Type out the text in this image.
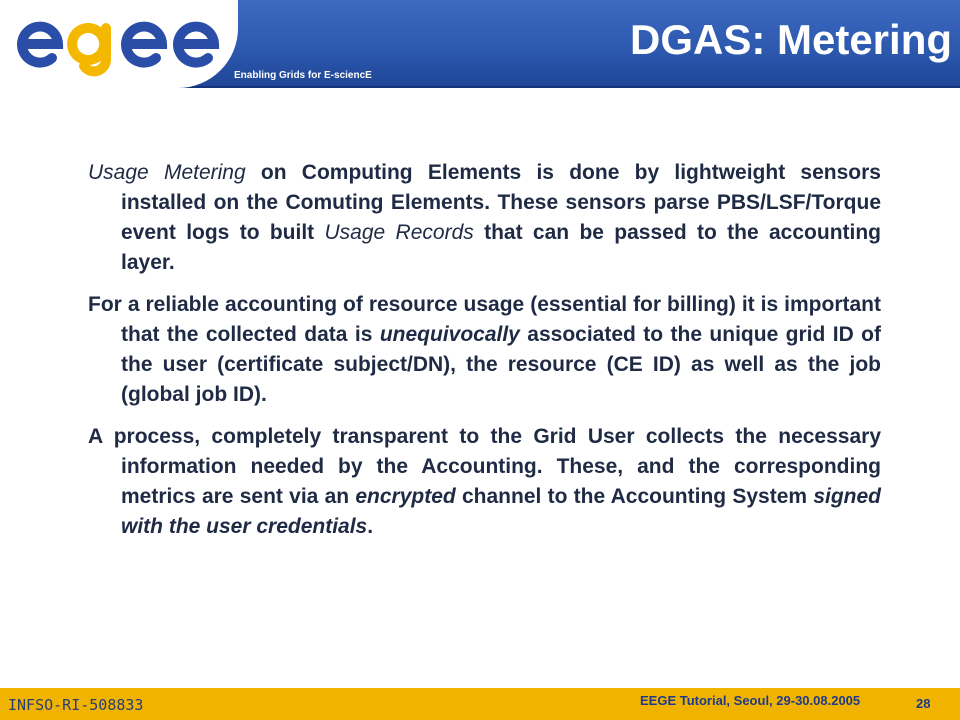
Enabling Grids for E-sciencE
DGAS: Metering

Usage Metering on Computing Elements is done by lightweight sensors installed on the Comuting Elements. These sensors parse PBS/LSF/Torque event logs to built Usage Records that can be passed to the accounting layer.

For a reliable accounting of resource usage (essential for billing) it is important that the collected data is unequivocally associated to the unique grid ID of the user (certificate subject/DN), the resource (CE ID) as well as the job (global job ID).

A process, completely transparent to the Grid User collects the necessary information needed by the Accounting. These, and the corresponding metrics are sent via an encrypted channel to the Accounting System signed with the user credentials.

INFSO-RI-508833	EEGE Tutorial, Seoul, 29-30.08.2005	28
